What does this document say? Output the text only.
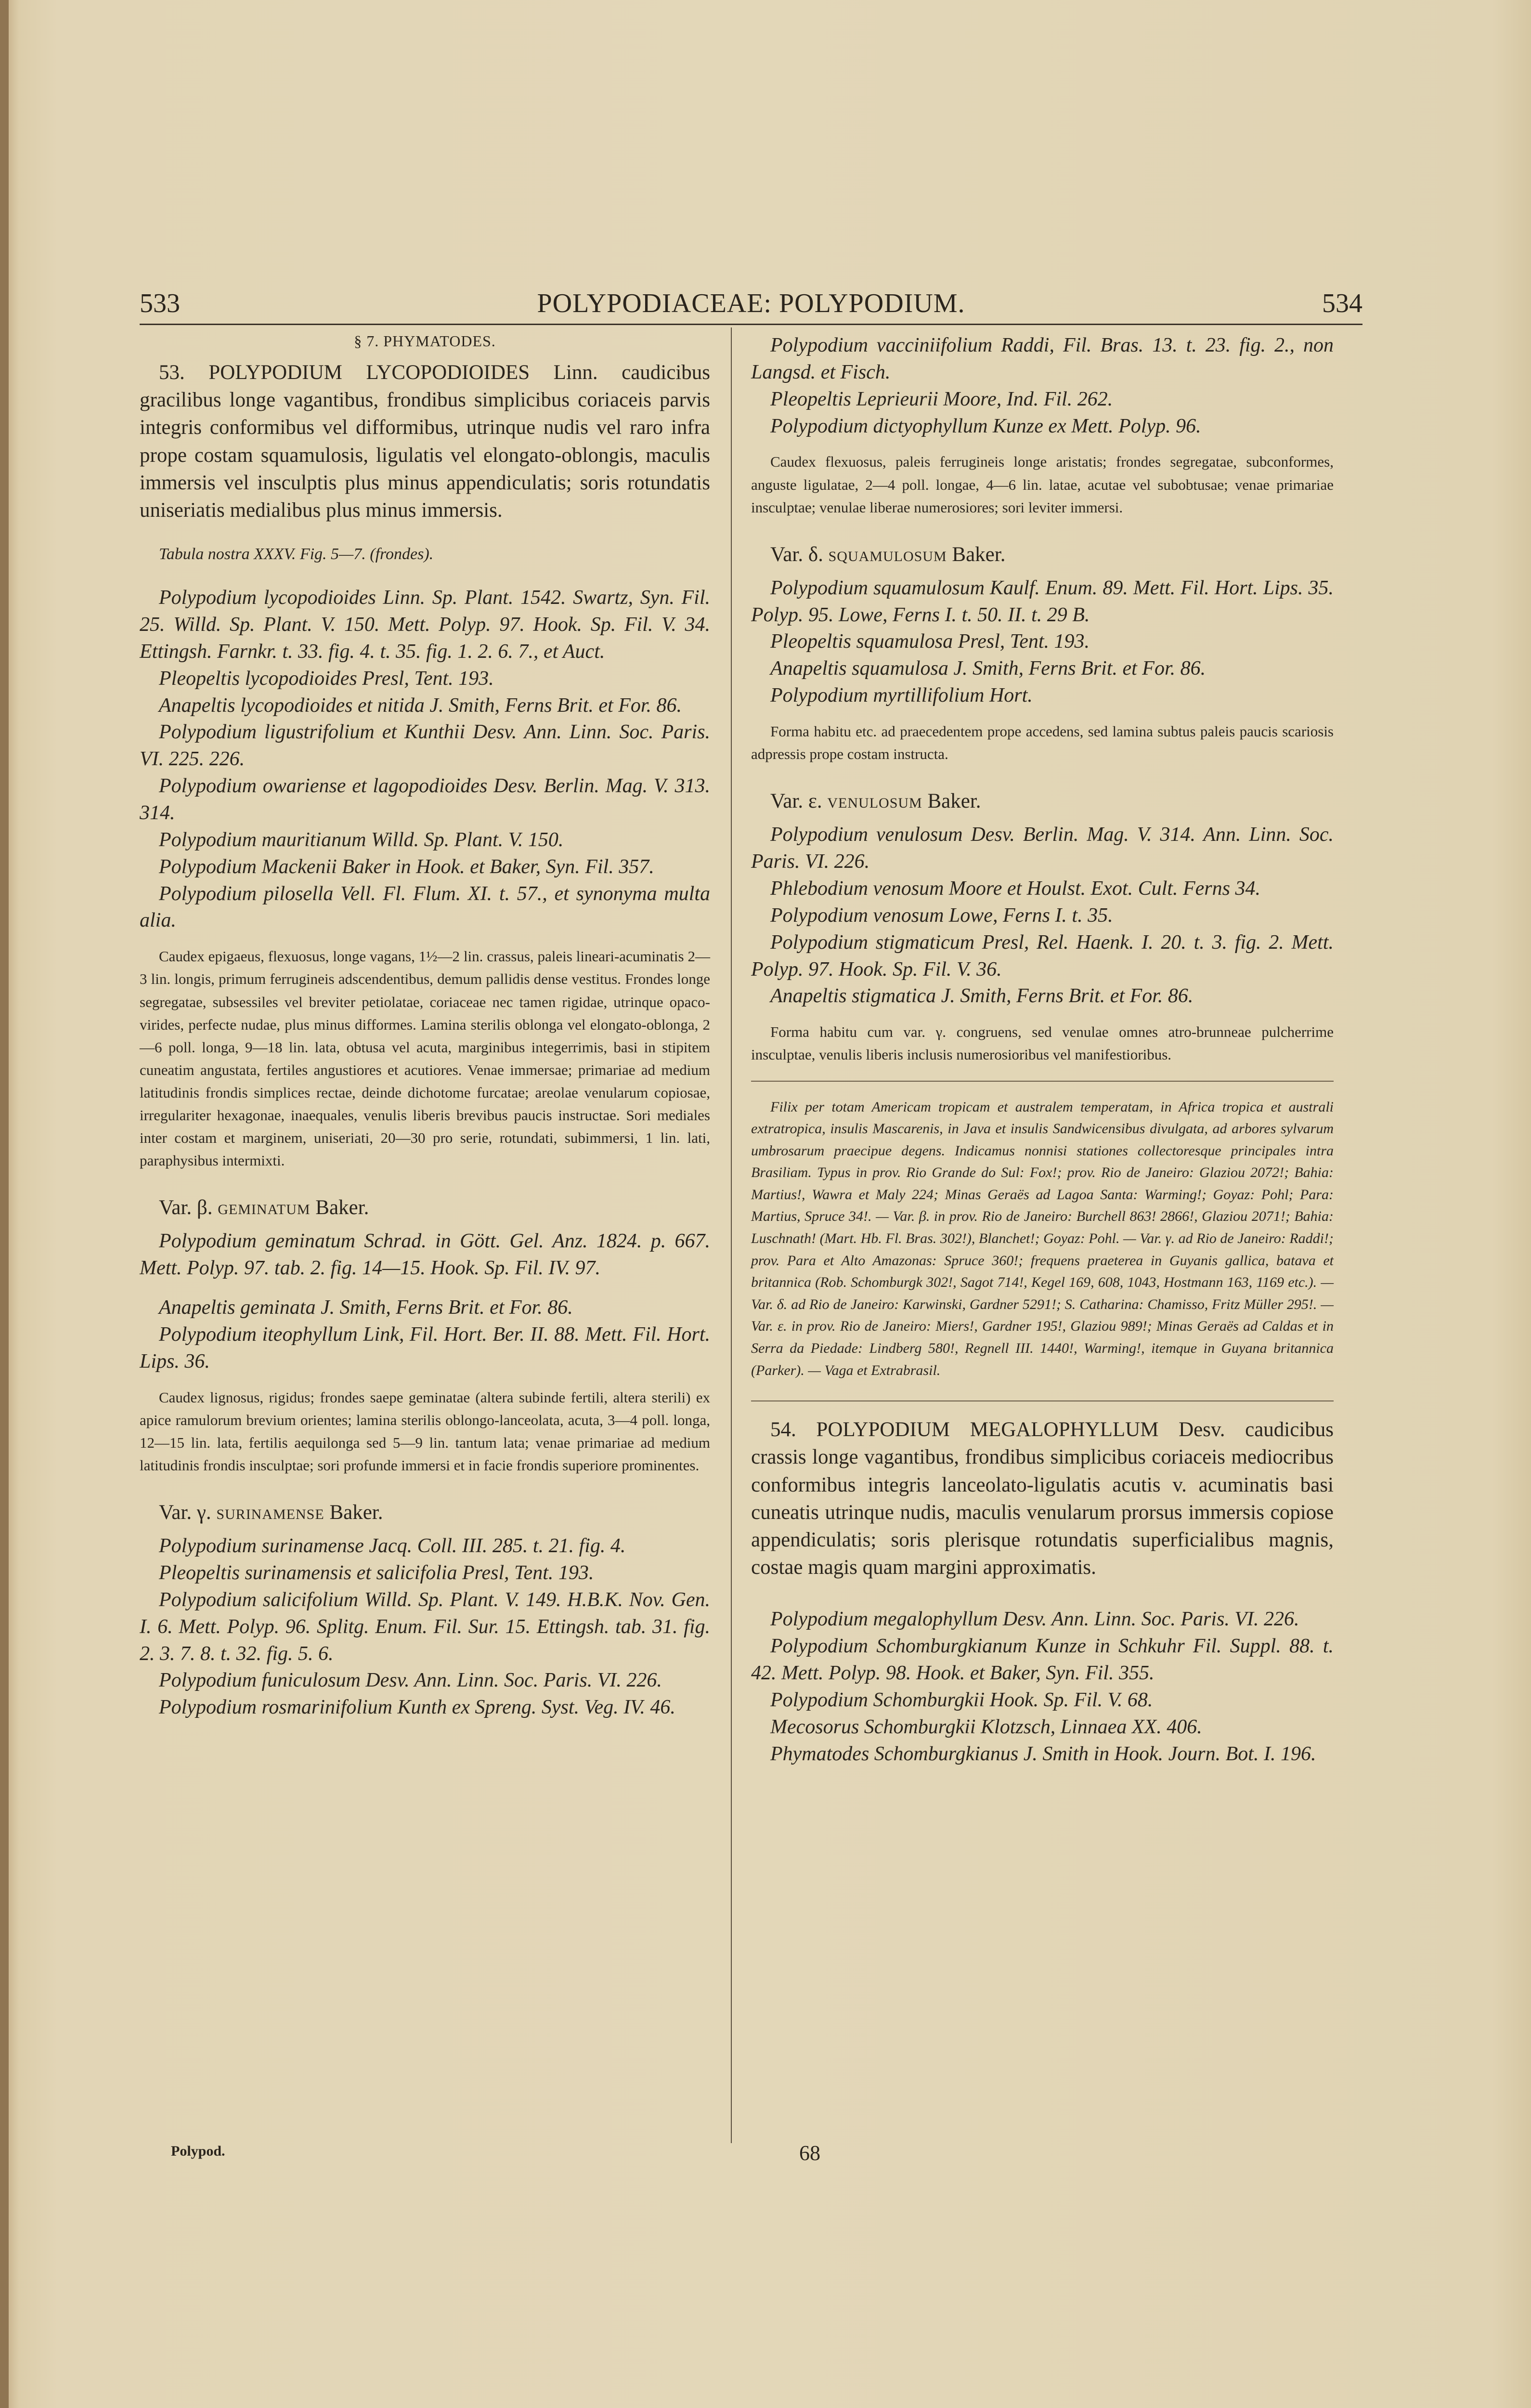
533	POLYPODIACEAE: POLYPODIUM.	534

§ 7. PHYMATODES.

53. POLYPODIUM LYCOPODIOIDES Linn. caudicibus gracilibus longe vagantibus, frondibus simplicibus coriaceis parvis integris conformibus vel difformibus, utrinque nudis vel raro infra prope costam squamulosis, ligulatis vel elongato-oblongis, maculis immersis vel insculptis plus minus appendiculatis; soris rotundatis uniseriatis medialibus plus minus immersis.

Tabula nostra XXXV. Fig. 5—7. (frondes).

Polypodium lycopodioides Linn. Sp. Plant. 1542. Swartz, Syn. Fil. 25. Willd. Sp. Plant. V. 150. Mett. Polyp. 97. Hook. Sp. Fil. V. 34. Ettingsh. Farnkr. t. 33. fig. 4. t. 35. fig. 1. 2. 6. 7., et Auct.

Pleopeltis lycopodioides Presl, Tent. 193.

Anapeltis lycopodioides et nitida J. Smith, Ferns Brit. et For. 86.

Polypodium ligustrifolium et Kunthii Desv. Ann. Linn. Soc. Paris. VI. 225. 226.

Polypodium owariense et lagopodioides Desv. Berlin. Mag. V. 313. 314.

Polypodium mauritianum Willd. Sp. Plant. V. 150.

Polypodium Mackenii Baker in Hook. et Baker, Syn. Fil. 357.

Polypodium pilosella Vell. Fl. Flum. XI. t. 57., et synonyma multa alia.

Caudex epigaeus, flexuosus, longe vagans, 1½—2 lin. crassus, paleis lineari-acuminatis 2—3 lin. longis, primum ferrugineis adscendentibus, demum pallidis dense vestitus. Frondes longe segregatae, subsessiles vel breviter petiolatae, coriaceae nec tamen rigidae, utrinque opaco-virides, perfecte nudae, plus minus difformes. Lamina sterilis oblonga vel elongato-oblonga, 2—6 poll. longa, 9—18 lin. lata, obtusa vel acuta, marginibus integerrimis, basi in stipitem cuneatim angustata, fertiles angustiores et acutiores. Venae immersae; primariae ad medium latitudinis frondis simplices rectae, deinde dichotome furcatae; areolae venularum copiosae, irregulariter hexagonae, inaequales, venulis liberis brevibus paucis instructae. Sori mediales inter costam et marginem, uniseriati, 20—30 pro serie, rotundati, subimmersi, 1 lin. lati, paraphysibus intermixti.

Var. β. GEMINATUM Baker.

Polypodium geminatum Schrad. in Gött. Gel. Anz. 1824. p. 667. Mett. Polyp. 97. tab. 2. fig. 14—15. Hook. Sp. Fil. IV. 97.

Anapeltis geminata J. Smith, Ferns Brit. et For. 86.

Polypodium iteophyllum Link, Fil. Hort. Ber. II. 88. Mett. Fil. Hort. Lips. 36.

Caudex lignosus, rigidus; frondes saepe geminatae (altera subinde fertili, altera sterili) ex apice ramulorum brevium orientes; lamina sterilis oblongo-lanceolata, acuta, 3—4 poll. longa, 12—15 lin. lata, fertilis aequilonga sed 5—9 lin. tantum lata; venae primariae ad medium latitudinis frondis insculptae; sori profunde immersi et in facie frondis superiore prominentes.

Var. γ. SURINAMENSE Baker.

Polypodium surinamense Jacq. Coll. III. 285. t. 21. fig. 4.

Pleopeltis surinamensis et salicifolia Presl, Tent. 193.

Polypodium salicifolium Willd. Sp. Plant. V. 149. H.B.K. Nov. Gen. I. 6. Mett. Polyp. 96. Splitg. Enum. Fil. Sur. 15. Ettingsh. tab. 31. fig. 2. 3. 7. 8. t. 32. fig. 5. 6.

Polypodium funiculosum Desv. Ann. Linn. Soc. Paris. VI. 226.

Polypodium rosmarinifolium Kunth ex Spreng. Syst. Veg. IV. 46.

Polypod.

Polypodium vacciniifolium Raddi, Fil. Bras. 13. t. 23. fig. 2., non Langsd. et Fisch.

Pleopeltis Leprieurii Moore, Ind. Fil. 262.

Polypodium dictyophyllum Kunze ex Mett. Polyp. 96.

Caudex flexuosus, paleis ferrugineis longe aristatis; frondes segregatae, subconformes, anguste ligulatae, 2—4 poll. longae, 4—6 lin. latae, acutae vel subobtusae; venae primariae insculptae; venulae liberae numerosiores; sori leviter immersi.

Var. δ. SQUAMULOSUM Baker.

Polypodium squamulosum Kaulf. Enum. 89. Mett. Fil. Hort. Lips. 35. Polyp. 95. Lowe, Ferns I. t. 50. II. t. 29 B.

Pleopeltis squamulosa Presl, Tent. 193.

Anapeltis squamulosa J. Smith, Ferns Brit. et For. 86.

Polypodium myrtillifolium Hort.

Forma habitu etc. ad praecedentem prope accedens, sed lamina subtus paleis paucis scariosis adpressis prope costam instructa.

Var. ε. VENULOSUM Baker.

Polypodium venulosum Desv. Berlin. Mag. V. 314. Ann. Linn. Soc. Paris. VI. 226.

Phlebodium venosum Moore et Houlst. Exot. Cult. Ferns 34.

Polypodium venosum Lowe, Ferns I. t. 35.

Polypodium stigmaticum Presl, Rel. Haenk. I. 20. t. 3. fig. 2. Mett. Polyp. 97. Hook. Sp. Fil. V. 36.

Anapeltis stigmatica J. Smith, Ferns Brit. et For. 86.

Forma habitu cum var. γ. congruens, sed venulae omnes atro-brunneae pulcherrime insculptae, venulis liberis inclusis numerosioribus vel manifestioribus.

Filix per totam Americam tropicam et australem temperatam, in Africa tropica et australi extratropica, insulis Mascarenis, in Java et insulis Sandwicensibus divulgata, ad arbores sylvarum umbrosarum praecipue degens. Indicamus nonnisi stationes collectoresque principales intra Brasiliam. Typus in prov. Rio Grande do Sul: Fox!; prov. Rio de Janeiro: Glaziou 2072!; Bahia: Martius!, Wawra et Maly 224; Minas Geraës ad Lagoa Santa: Warming!; Goyaz: Pohl; Para: Martius, Spruce 34!. — Var. β. in prov. Rio de Janeiro: Burchell 863! 2866!, Glaziou 2071!; Bahia: Luschnath! (Mart. Hb. Fl. Bras. 302!), Blanchet!; Goyaz: Pohl. — Var. γ. ad Rio de Janeiro: Raddi!; prov. Para et Alto Amazonas: Spruce 360!; frequens praeterea in Guyanis gallica, batava et britannica (Rob. Schomburgk 302!, Sagot 714!, Kegel 169, 608, 1043, Hostmann 163, 1169 etc.). — Var. δ. ad Rio de Janeiro: Karwinski, Gardner 5291!; S. Catharina: Chamisso, Fritz Müller 295!. — Var. ε. in prov. Rio de Janeiro: Miers!, Gardner 195!, Glaziou 989!; Minas Geraës ad Caldas et in Serra da Piedade: Lindberg 580!, Regnell III. 1440!, Warming!, itemque in Guyana britannica (Parker). — Vaga et Extrabrasil.

54. POLYPODIUM MEGALOPHYLLUM Desv. caudicibus crassis longe vagantibus, frondibus simplicibus coriaceis mediocribus conformibus integris lanceolato-ligulatis acutis v. acuminatis basi cuneatis utrinque nudis, maculis venularum prorsus immersis copiose appendiculatis; soris plerisque rotundatis superficialibus magnis, costae magis quam margini approximatis.

Polypodium megalophyllum Desv. Ann. Linn. Soc. Paris. VI. 226.

Polypodium Schomburgkianum Kunze in Schkuhr Fil. Suppl. 88. t. 42. Mett. Polyp. 98. Hook. et Baker, Syn. Fil. 355.

Polypodium Schomburgkii Hook. Sp. Fil. V. 68.

Mecosorus Schomburgkii Klotzsch, Linnaea XX. 406.

Phymatodes Schomburgkianus J. Smith in Hook. Journ. Bot. I. 196.

68
